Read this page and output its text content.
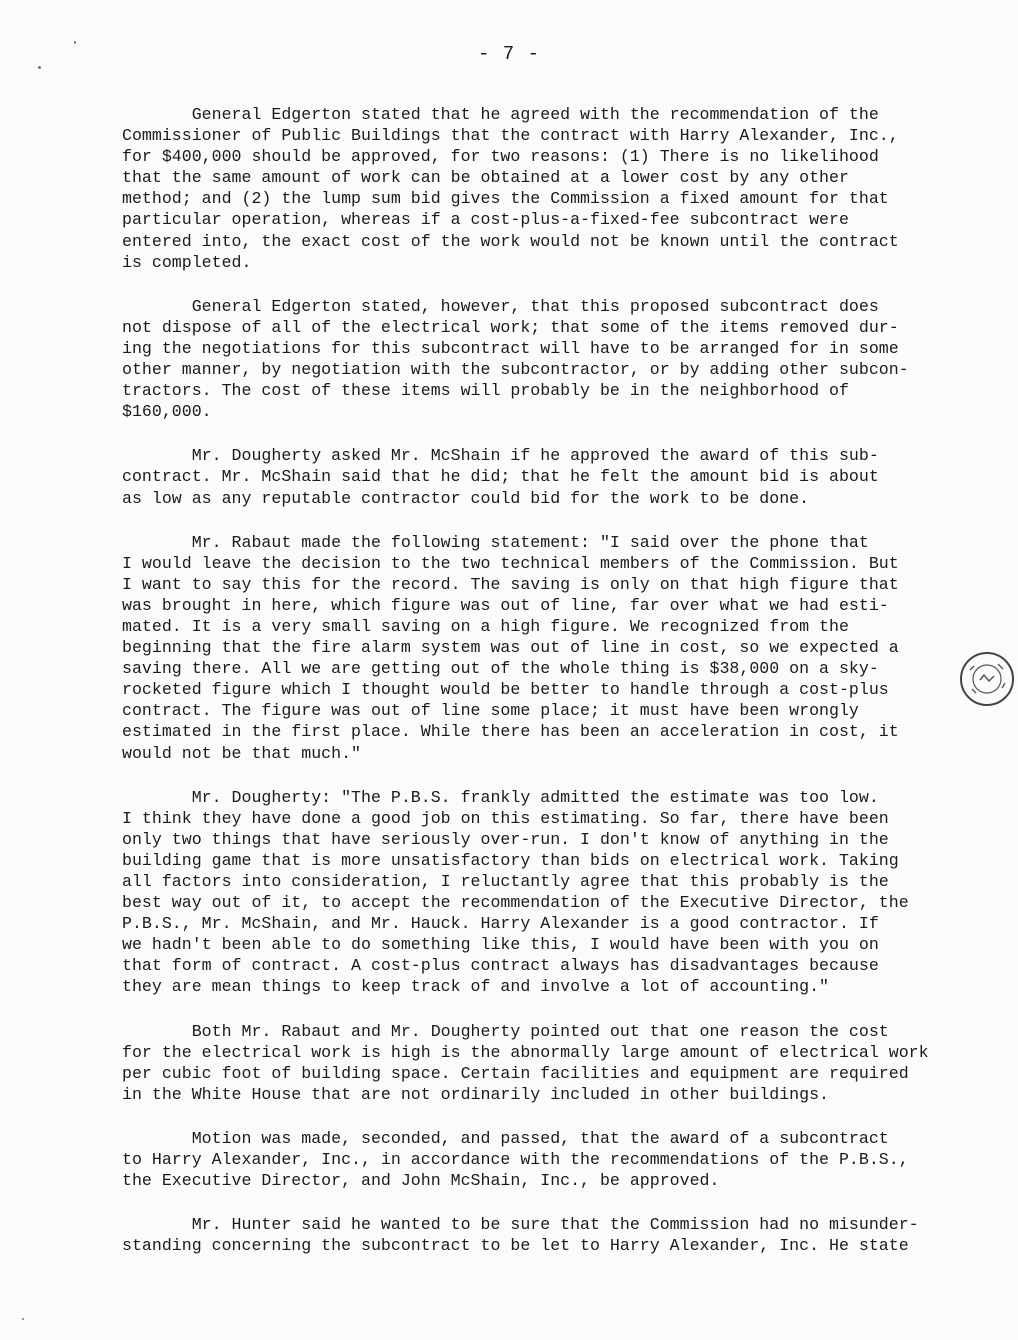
- 7 -

General Edgerton stated that he agreed with the recommendation of the
Commissioner of Public Buildings that the contract with Harry Alexander, Inc.,
for $400,000 should be approved, for two reasons: (1) There is no likelihood
that the same amount of work can be obtained at a lower cost by any other
method; and (2) the lump sum bid gives the Commission a fixed amount for that
particular operation, whereas if a cost-plus-a-fixed-fee subcontract were
entered into, the exact cost of the work would not be known until the contract
is completed.

General Edgerton stated, however, that this proposed subcontract does
not dispose of all of the electrical work; that some of the items removed dur-
ing the negotiations for this subcontract will have to be arranged for in some
other manner, by negotiation with the subcontractor, or by adding other subcon-
tractors. The cost of these items will probably be in the neighborhood of
$160,000.

Mr. Dougherty asked Mr. McShain if he approved the award of this sub-
contract. Mr. McShain said that he did; that he felt the amount bid is about
as low as any reputable contractor could bid for the work to be done.

Mr. Rabaut made the following statement: "I said over the phone that
I would leave the decision to the two technical members of the Commission. But
I want to say this for the record. The saving is only on that high figure that
was brought in here, which figure was out of line, far over what we had esti-
mated. It is a very small saving on a high figure. We recognized from the
beginning that the fire alarm system was out of line in cost, so we expected a
saving there. All we are getting out of the whole thing is $38,000 on a sky-
rocketed figure which I thought would be better to handle through a cost-plus
contract. The figure was out of line some place; it must have been wrongly
estimated in the first place. While there has been an acceleration in cost, it
would not be that much."

Mr. Dougherty: "The P.B.S. frankly admitted the estimate was too low.
I think they have done a good job on this estimating. So far, there have been
only two things that have seriously over-run. I don't know of anything in the
building game that is more unsatisfactory than bids on electrical work. Taking
all factors into consideration, I reluctantly agree that this probably is the
best way out of it, to accept the recommendation of the Executive Director, the
P.B.S., Mr. McShain, and Mr. Hauck. Harry Alexander is a good contractor. If
we hadn't been able to do something like this, I would have been with you on
that form of contract. A cost-plus contract always has disadvantages because
they are mean things to keep track of and involve a lot of accounting."

Both Mr. Rabaut and Mr. Dougherty pointed out that one reason the cost
for the electrical work is high is the abnormally large amount of electrical work
per cubic foot of building space. Certain facilities and equipment are required
in the White House that are not ordinarily included in other buildings.

Motion was made, seconded, and passed, that the award of a subcontract
to Harry Alexander, Inc., in accordance with the recommendations of the P.B.S.,
the Executive Director, and John McShain, Inc., be approved.

Mr. Hunter said he wanted to be sure that the Commission had no misunder-
standing concerning the subcontract to be let to Harry Alexander, Inc. He state
